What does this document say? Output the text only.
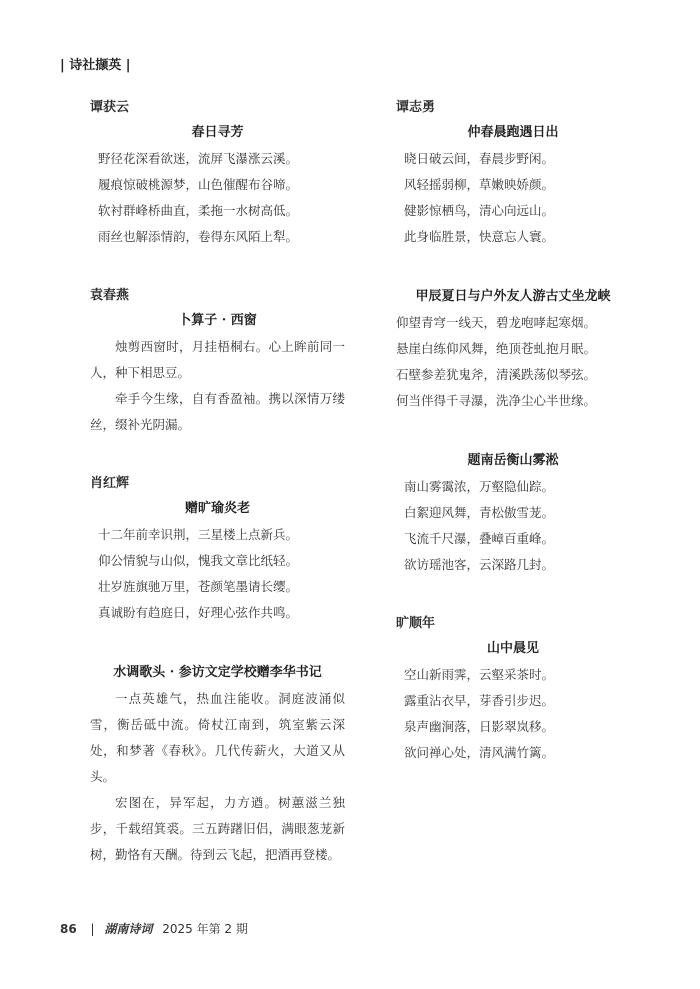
| 诗社撷英 |
谭获云
春日寻芳
野径花深看欲迷，流屏飞瀑涨云溪。
履痕惊破桃源梦，山色催醒布谷啼。
软衬群峰桥曲直，柔拖一水树高低。
雨丝也解添情韵，卷得东风陌上犁。
袁春燕
卜算子 · 西窗

烛剪西窗时，月挂梧桐右。心上眸前同一人，种下相思豆。

牵手今生缘，自有香盈袖。携以深情万缕丝，缀补光阴漏。

肖红辉
赠旷瑜炎老
十二年前幸识荆，三星楼上点新兵。
仰公情貌与山似，愧我文章比纸轻。
壮岁旌旗驰万里，苍颜笔墨请长缨。
真诚盼有趋庭日，好理心弦作共鸣。
水调歌头 · 参访文定学校赠李华书记

一点英雄气，热血注能收。洞庭波涌似雪，衡岳砥中流。倚杖江南到，筑室紫云深处，和梦著《春秋》。几代传薪火，大道又从头。

宏图在，异军起，力方遒。树蕙滋兰独步，千载绍箕裘。三五踌躇旧侣，满眼葱茏新树，勤恪有天酬。待到云飞起，把酒再登楼。

谭志勇
仲春晨跑遇日出
晓日破云间，春晨步野闲。
风轻摇弱柳，草嫩映娇颜。
健影惊栖鸟，清心向远山。
此身临胜景，快意忘人寰。
甲辰夏日与户外友人游古丈坐龙峡
仰望青穹一线天，碧龙咆哮起寒烟。
悬崖白练仰风舞，绝顶苍虬抱月眠。
石壁参差犹鬼斧，清溪跌荡似琴弦。
何当伴得千寻瀑，洗净尘心半世缘。
题南岳衡山雾淞
南山雾霭浓，万壑隐仙踪。
白絮迎风舞，青松傲雪茏。
飞流千尺瀑，叠嶂百重峰。
欲访瑶池客，云深路几封。
旷顺年
山中晨见
空山新雨霁，云壑采茶时。
露重沾衣早，芽香引步迟。
泉声幽涧落，日影翠岚移。
欲问禅心处，清风满竹篱。
86 | 湖南诗词 2025 年第 2 期
